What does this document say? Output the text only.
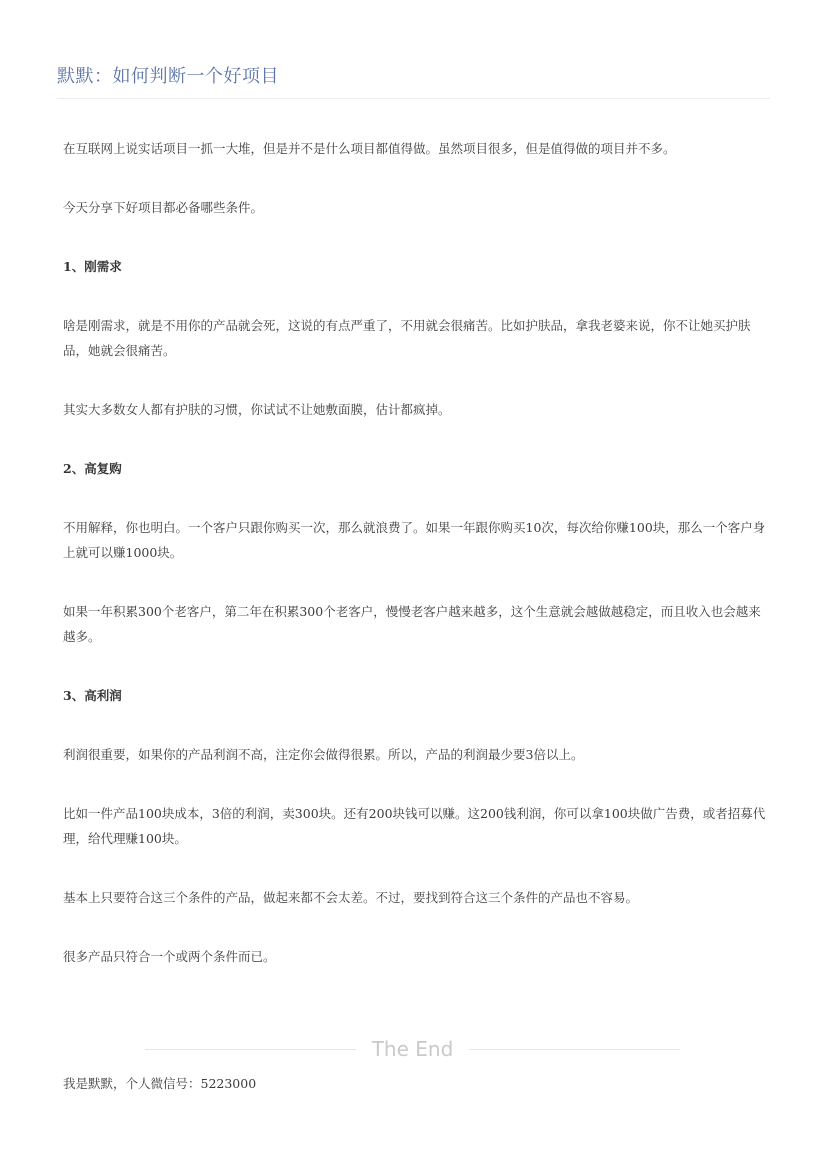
默默：如何判断一个好项目

在互联网上说实话项目一抓一大堆，但是并不是什么项目都值得做。虽然项目很多，但是值得做的项目并不多。

今天分享下好项目都必备哪些条件。

1、刚需求

啥是刚需求，就是不用你的产品就会死，这说的有点严重了，不用就会很痛苦。比如护肤品，拿我老婆来说，你不让她买护肤品，她就会很痛苦。

其实大多数女人都有护肤的习惯，你试试不让她敷面膜，估计都疯掉。

2、高复购

不用解释，你也明白。一个客户只跟你购买一次，那么就浪费了。如果一年跟你购买10次，每次给你赚100块，那么一个客户身上就可以赚1000块。

如果一年积累300个老客户，第二年在积累300个老客户，慢慢老客户越来越多，这个生意就会越做越稳定，而且收入也会越来越多。

3、高利润

利润很重要，如果你的产品利润不高，注定你会做得很累。所以，产品的利润最少要3倍以上。

比如一件产品100块成本，3倍的利润，卖300块。还有200块钱可以赚。这200钱利润，你可以拿100块做广告费，或者招募代理，给代理赚100块。

基本上只要符合这三个条件的产品，做起来都不会太差。不过，要找到符合这三个条件的产品也不容易。

很多产品只符合一个或两个条件而已。

The End
我是默默，个人微信号：5223000
